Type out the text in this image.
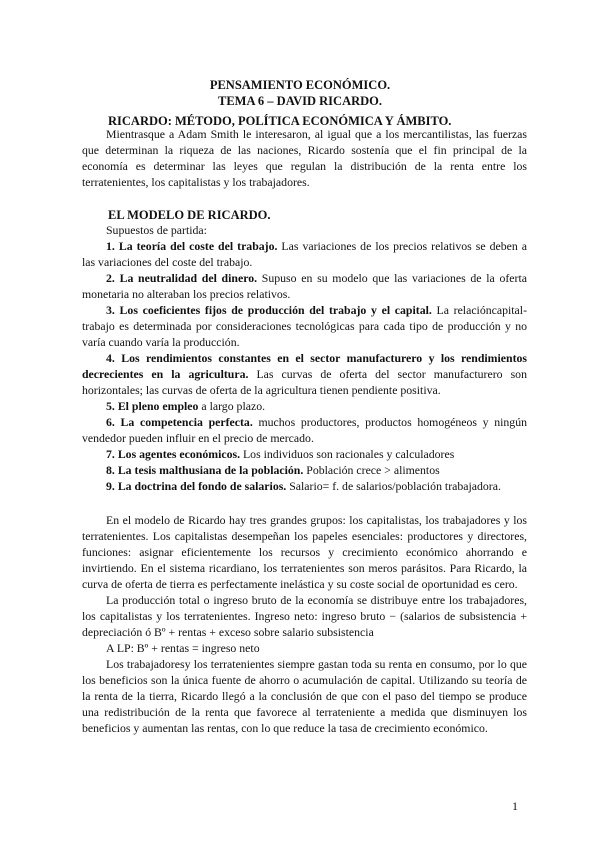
PENSAMIENTO ECONÓMICO.
TEMA 6 – DAVID RICARDO.
RICARDO: MÉTODO, POLÍTICA ECONÓMICA Y ÁMBITO.

Mientrasque a Adam Smith le interesaron, al igual que a los mercantilistas, las fuerzas que determinan la riqueza de las naciones, Ricardo sostenía que el fin principal de la economía es determinar las leyes que regulan la distribución de la renta entre los terratenientes, los capitalistas y los trabajadores.

EL MODELO DE RICARDO.

Supuestos de partida:

1. La teoría del coste del trabajo. Las variaciones de los precios relativos se deben a las variaciones del coste del trabajo.

2. La neutralidad del dinero. Supuso en su modelo que las variaciones de la oferta monetaria no alteraban los precios relativos.

3. Los coeficientes fijos de producción del trabajo y el capital. La relacióncapital-trabajo es determinada por consideraciones tecnológicas para cada tipo de producción y no varía cuando varía la producción.

4. Los rendimientos constantes en el sector manufacturero y los rendimientos decrecientes en la agricultura. Las curvas de oferta del sector manufacturero son horizontales; las curvas de oferta de la agricultura tienen pendiente positiva.

5. El pleno empleo a largo plazo.

6. La competencia perfecta. muchos productores, productos homogéneos y ningún vendedor pueden influir en el precio de mercado.

7. Los agentes económicos. Los individuos son racionales y calculadores

8. La tesis malthusiana de la población. Población crece > alimentos

9. La doctrina del fondo de salarios. Salario= f. de salarios/población trabajadora.

En el modelo de Ricardo hay tres grandes grupos: los capitalistas, los trabajadores y los terratenientes. Los capitalistas desempeñan los papeles esenciales: productores y directores, funciones: asignar eficientemente los recursos y crecimiento económico ahorrando e invirtiendo. En el sistema ricardiano, los terratenientes son meros parásitos. Para Ricardo, la curva de oferta de tierra es perfectamente inelástica y su coste social de oportunidad es cero.

La producción total o ingreso bruto de la economía se distribuye entre los trabajadores, los capitalistas y los terratenientes. Ingreso neto: ingreso bruto − (salarios de subsistencia + depreciación ó Bº + rentas + exceso sobre salario subsistencia

A LP: Bº + rentas = ingreso neto

Los trabajadoresy los terratenientes siempre gastan toda su renta en consumo, por lo que los beneficios son la única fuente de ahorro o acumulación de capital. Utilizando su teoría de la renta de la tierra, Ricardo llegó a la conclusión de que con el paso del tiempo se produce una redistribución de la renta que favorece al terrateniente a medida que disminuyen los beneficios y aumentan las rentas, con lo que reduce la tasa de crecimiento económico.

1
